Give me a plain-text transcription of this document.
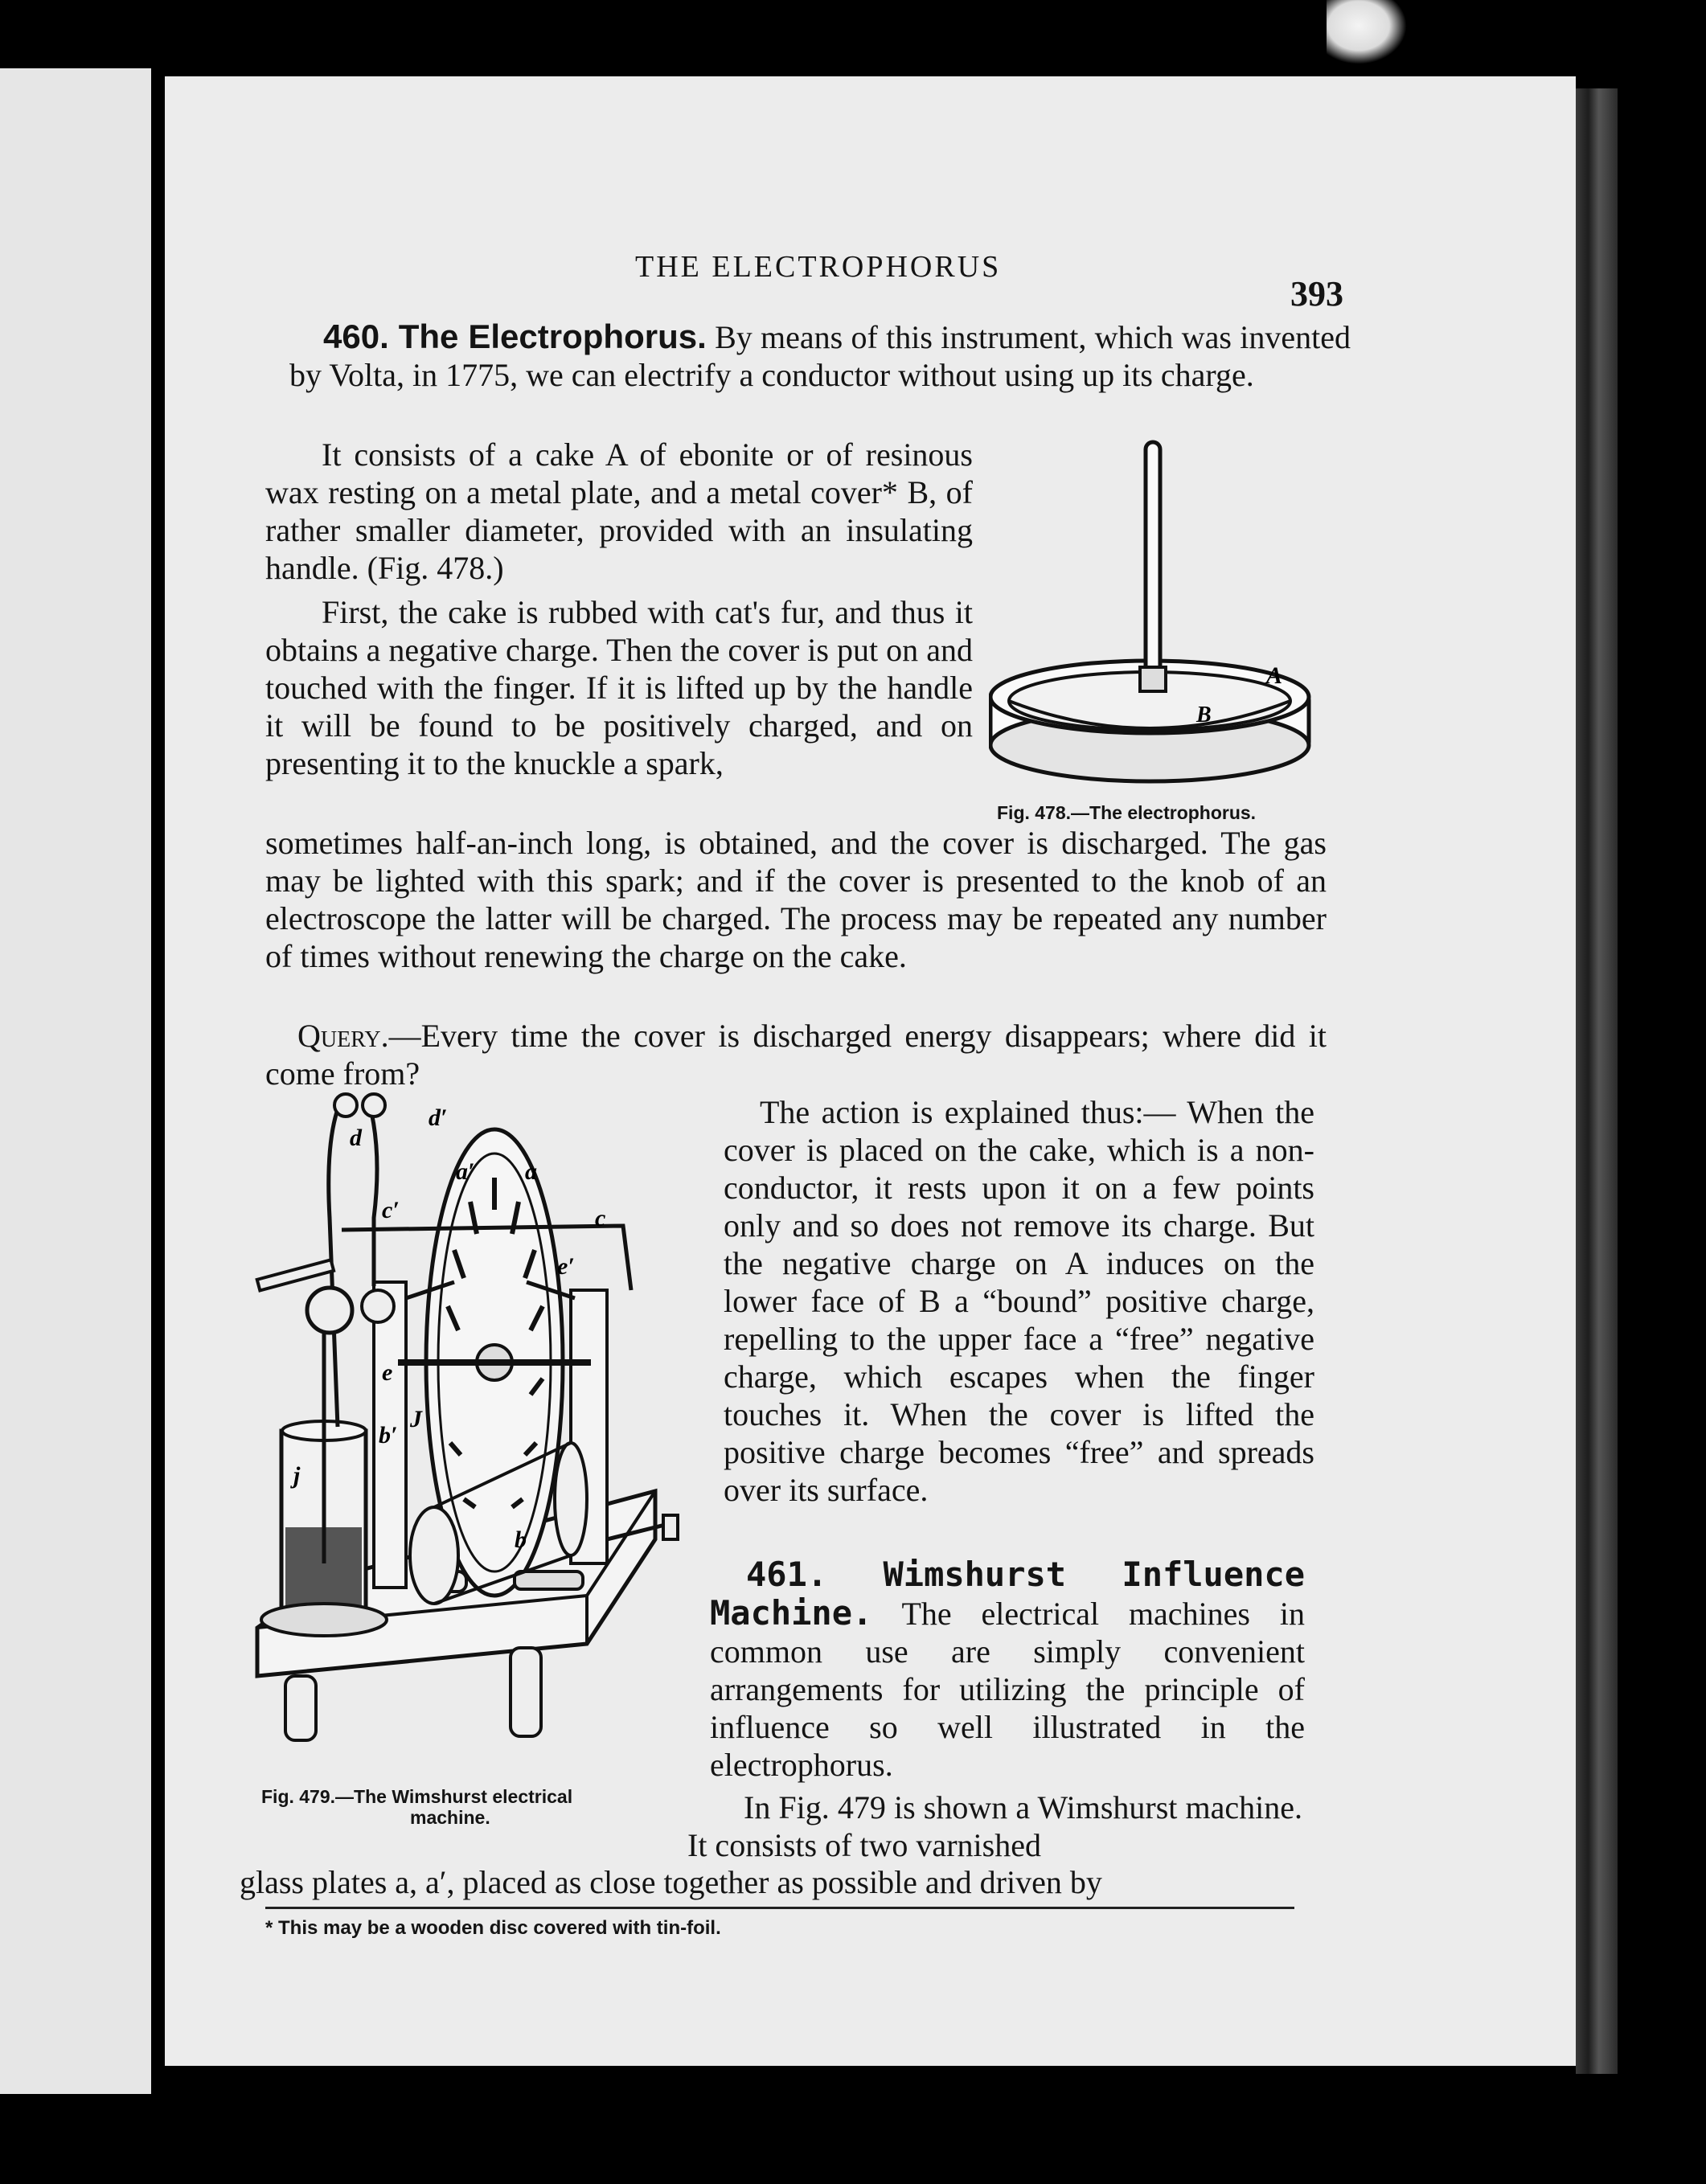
THE ELECTROPHORUS
393
460. The Electrophorus. By means of this instrument, which was invented by Volta, in 1775, we can electrify a conductor without using up its charge.
It consists of a cake A of ebonite or of resinous wax resting on a metal plate, and a metal cover* B, of rather smaller diameter, provided with an insulating handle. (Fig. 478.)
First, the cake is rubbed with cat's fur, and thus it obtains a negative charge. Then the cover is put on and touched with the finger. If it is lifted up by the handle it will be found to be positively charged, and on presenting it to the knuckle a spark,
B
A
Fig. 478.—The electrophorus.
sometimes half-an-inch long, is obtained, and the cover is discharged. The gas may be lighted with this spark; and if the cover is presented to the knob of an electroscope the latter will be charged. The process may be repeated any number of times without renewing the charge on the cake.
Query.—Every time the cover is discharged energy disappears; where did it come from?
d
d′
a′ a
c′	c
e′
e
b′
J
j
b
Fig. 479.—The Wimshurst electrical
machine.
The action is explained thus:— When the cover is placed on the cake, which is a non-conductor, it rests upon it on a few points only and so does not remove its charge. But the negative charge on A induces on the lower face of B a “bound” positive charge, repelling to the upper face a “free” negative charge, which escapes when the finger touches it. When the cover is lifted the positive charge becomes “free” and spreads over its surface.
461. Wimshurst Influence Machine. The electrical machines in common use are simply convenient arrangements for utilizing the principle of influence so well illustrated in the electrophorus.
In Fig. 479 is shown a Wimshurst machine. It consists of two varnished
glass plates a, a′, placed as close together as possible and driven by
* This may be a wooden disc covered with tin-foil.
